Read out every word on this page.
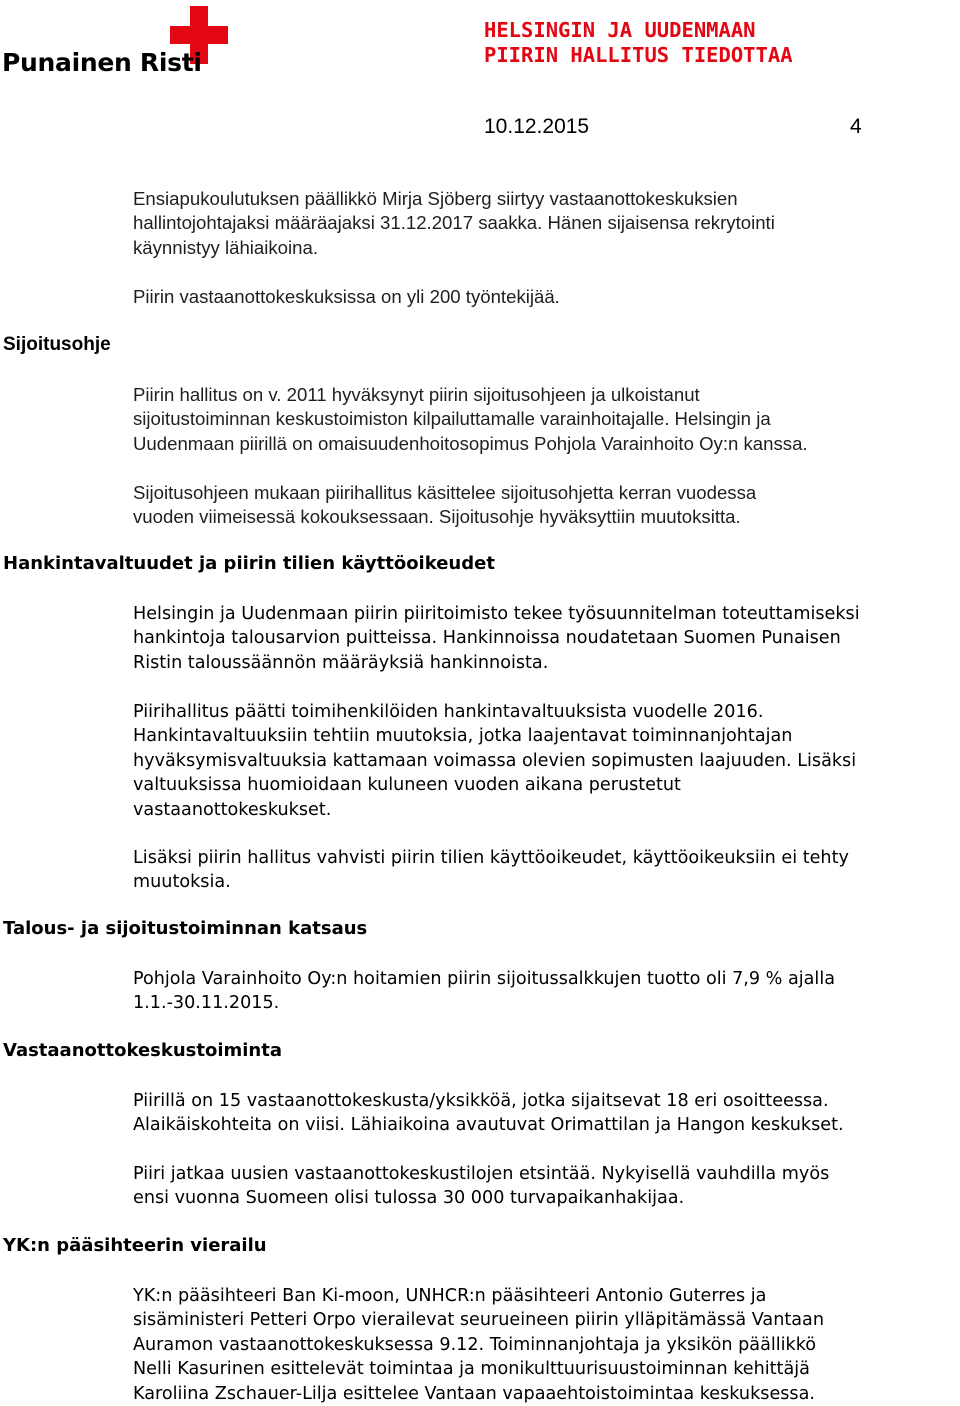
Punainen Risti
HELSINGIN JA UUDENMAAN
PIIRIN HALLITUS TIEDOTTAA
10.12.2015	4
Ensiapukoulutuksen päällikkö Mirja Sjöberg siirtyy vastaanottokeskuksien
hallintojohtajaksi määräajaksi 31.12.2017 saakka. Hänen sijaisensa rekrytointi
käynnistyy lähiaikoina.
Piirin vastaanottokeskuksissa on yli 200 työntekijää.
Sijoitusohje
Piirin hallitus on v. 2011 hyväksynyt piirin sijoitusohjeen ja ulkoistanut
sijoitustoiminnan keskustoimiston kilpailuttamalle varainhoitajalle. Helsingin ja
Uudenmaan piirillä on omaisuudenhoitosopimus Pohjola Varainhoito Oy:n kanssa.
Sijoitusohjeen mukaan piirihallitus käsittelee sijoitusohjetta kerran vuodessa
vuoden viimeisessä kokouksessaan. Sijoitusohje hyväksyttiin muutoksitta.
Hankintavaltuudet ja piirin tilien käyttöoikeudet
Helsingin ja Uudenmaan piirin piiritoimisto tekee työsuunnitelman toteuttamiseksi
hankintoja talousarvion puitteissa. Hankinnoissa noudatetaan Suomen Punaisen
Ristin taloussäännön määräyksiä hankinnoista.
Piirihallitus päätti toimihenkilöiden hankintavaltuuksista vuodelle 2016.
Hankintavaltuuksiin tehtiin muutoksia, jotka laajentavat toiminnanjohtajan
hyväksymisvaltuuksia kattamaan voimassa olevien sopimusten laajuuden. Lisäksi
valtuuksissa huomioidaan kuluneen vuoden aikana perustetut
vastaanottokeskukset.
Lisäksi piirin hallitus vahvisti piirin tilien käyttöoikeudet, käyttöoikeuksiin ei tehty
muutoksia.
Talous- ja sijoitustoiminnan katsaus
Pohjola Varainhoito Oy:n hoitamien piirin sijoitussalkkujen tuotto oli 7,9 % ajalla
1.1.-30.11.2015.
Vastaanottokeskustoiminta
Piirillä on 15 vastaanottokeskusta/yksikköä, jotka sijaitsevat 18 eri osoitteessa.
Alaikäiskohteita on viisi. Lähiaikoina avautuvat Orimattilan ja Hangon keskukset.
Piiri jatkaa uusien vastaanottokeskustilojen etsintää. Nykyisellä vauhdilla myös
ensi vuonna Suomeen olisi tulossa 30 000 turvapaikanhakijaa.
YK:n pääsihteerin vierailu
YK:n pääsihteeri Ban Ki-moon, UNHCR:n pääsihteeri Antonio Guterres ja
sisäministeri Petteri Orpo vierailevat seurueineen piirin ylläpitämässä Vantaan
Auramon vastaanottokeskuksessa 9.12. Toiminnanjohtaja ja yksikön päällikkö
Nelli Kasurinen esittelevät toimintaa ja monikulttuurisuustoiminnan kehittäjä
Karoliina Zschauer-Lilja esittelee Vantaan vapaaehtoistoimintaa keskuksessa.
